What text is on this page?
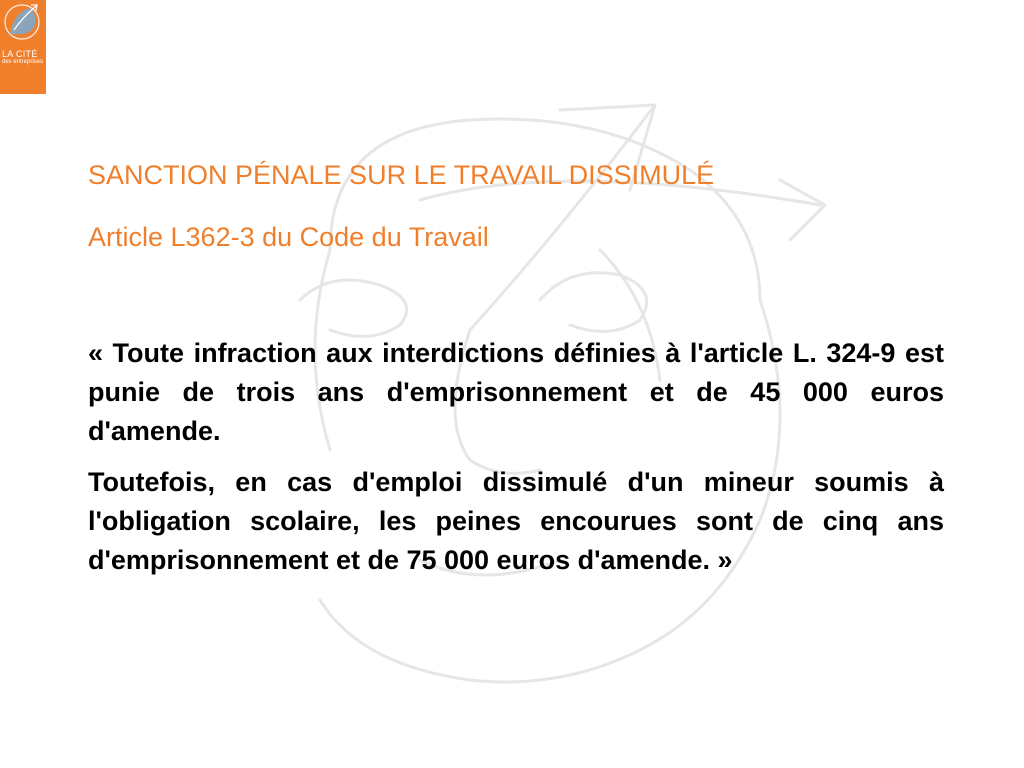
LA CITÉ
des entreprises
SANCTION PÉNALE SUR LE TRAVAIL DISSIMULÉ
Article L362-3 du Code du Travail

« Toute infraction aux interdictions définies à l'article L. 324-9 est punie de trois ans d'emprisonnement et de 45 000 euros d'amende.

Toutefois, en cas d'emploi dissimulé d'un mineur soumis à l'obligation scolaire, les peines encourues sont de cinq ans d'emprisonnement et de 75 000 euros d'amende. »
